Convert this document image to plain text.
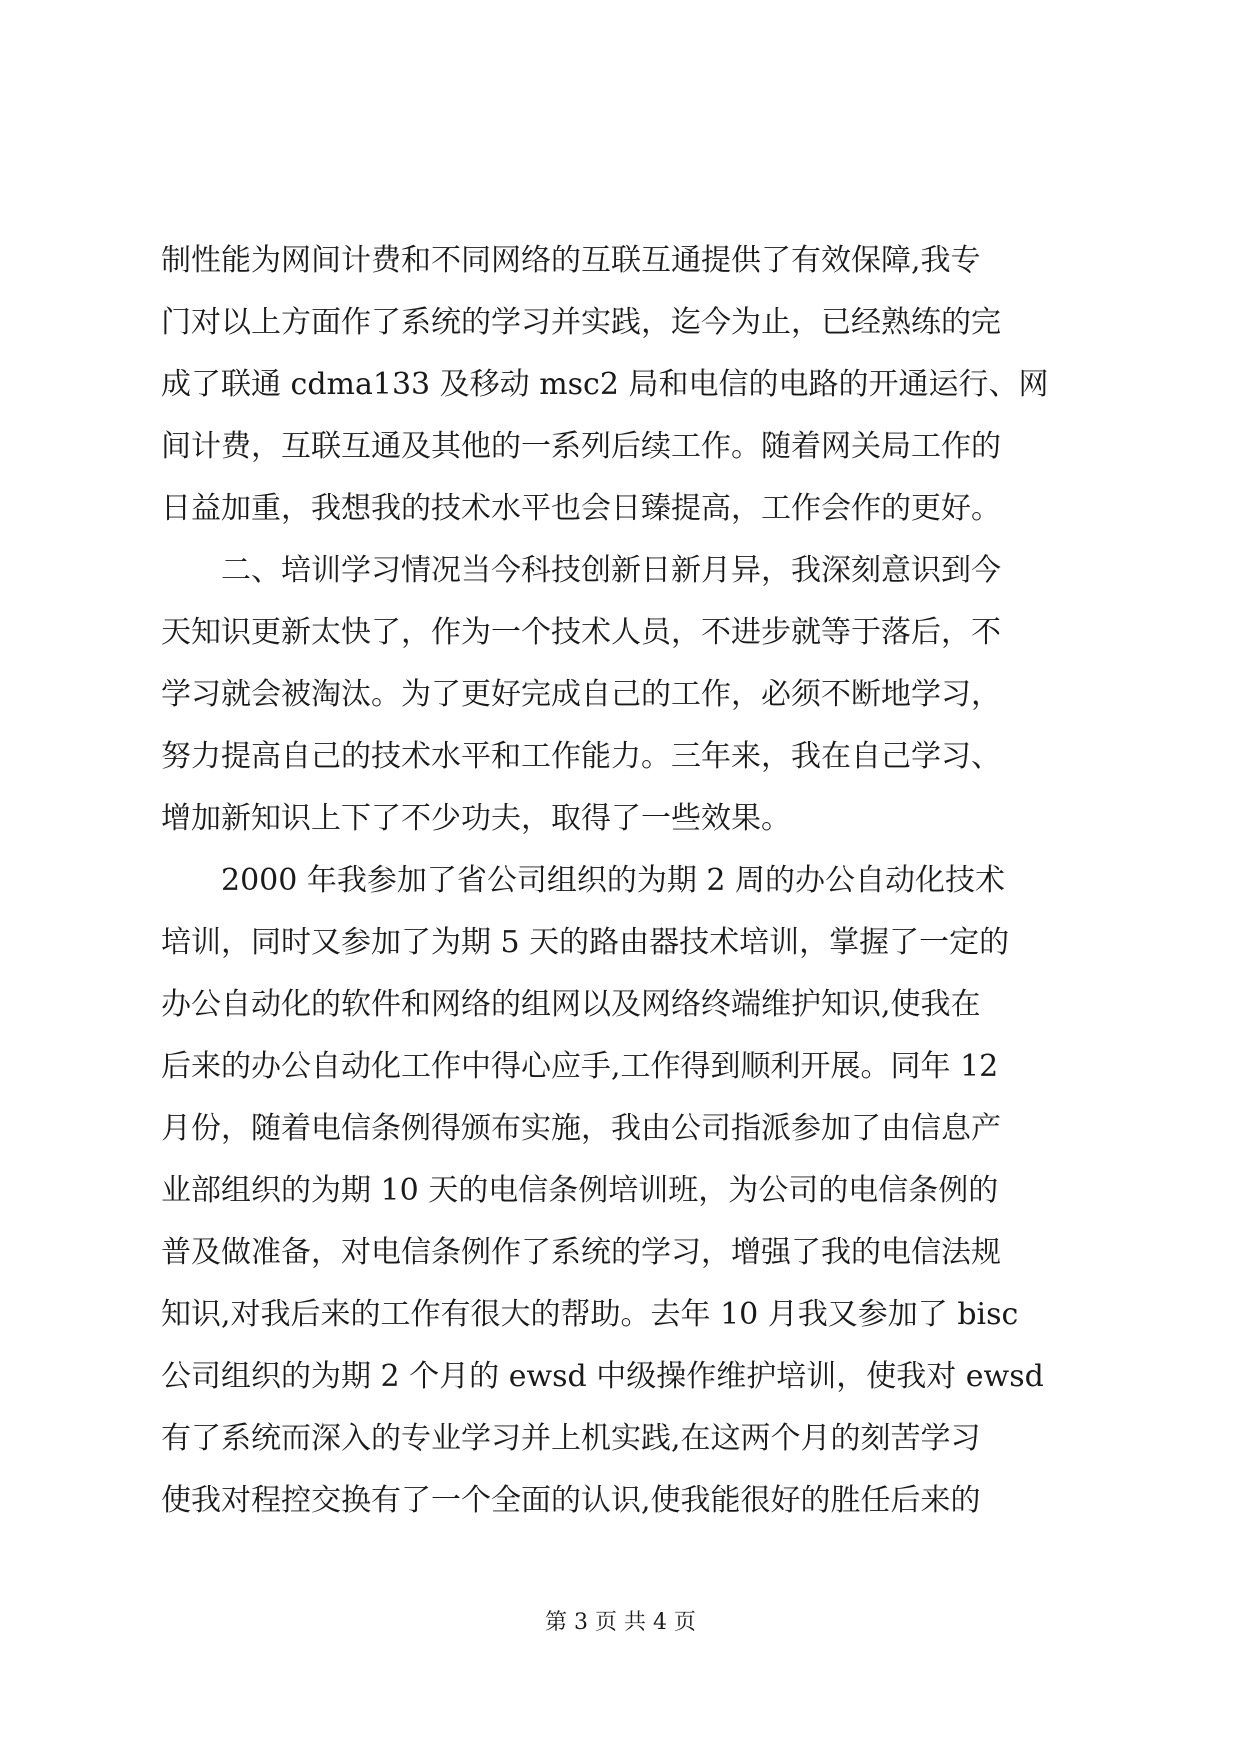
制性能为网间计费和不同网络的互联互通提供了有效保障,我专
门对以上方面作了系统的学习并实践，迄今为止，已经熟练的完
成了联通 cdma133 及移动 msc2 局和电信的电路的开通运行、网
间计费，互联互通及其他的一系列后续工作。随着网关局工作的
日益加重，我想我的技术水平也会日臻提高，工作会作的更好。
　　二、培训学习情况当今科技创新日新月异，我深刻意识到今
天知识更新太快了，作为一个技术人员，不进步就等于落后，不
学习就会被淘汰。为了更好完成自己的工作，必须不断地学习，
努力提高自己的技术水平和工作能力。三年来，我在自己学习、
增加新知识上下了不少功夫，取得了一些效果。
　　2000 年我参加了省公司组织的为期 2 周的办公自动化技术
培训，同时又参加了为期 5 天的路由器技术培训，掌握了一定的
办公自动化的软件和网络的组网以及网络终端维护知识,使我在
后来的办公自动化工作中得心应手,工作得到顺利开展。同年 12
月份，随着电信条例得颁布实施，我由公司指派参加了由信息产
业部组织的为期 10 天的电信条例培训班，为公司的电信条例的
普及做准备，对电信条例作了系统的学习，增强了我的电信法规
知识,对我后来的工作有很大的帮助。去年 10 月我又参加了 bisc
公司组织的为期 2 个月的 ewsd 中级操作维护培训，使我对 ewsd
有了系统而深入的专业学习并上机实践,在这两个月的刻苦学习
使我对程控交换有了一个全面的认识,使我能很好的胜任后来的
第 3 页 共 4 页
